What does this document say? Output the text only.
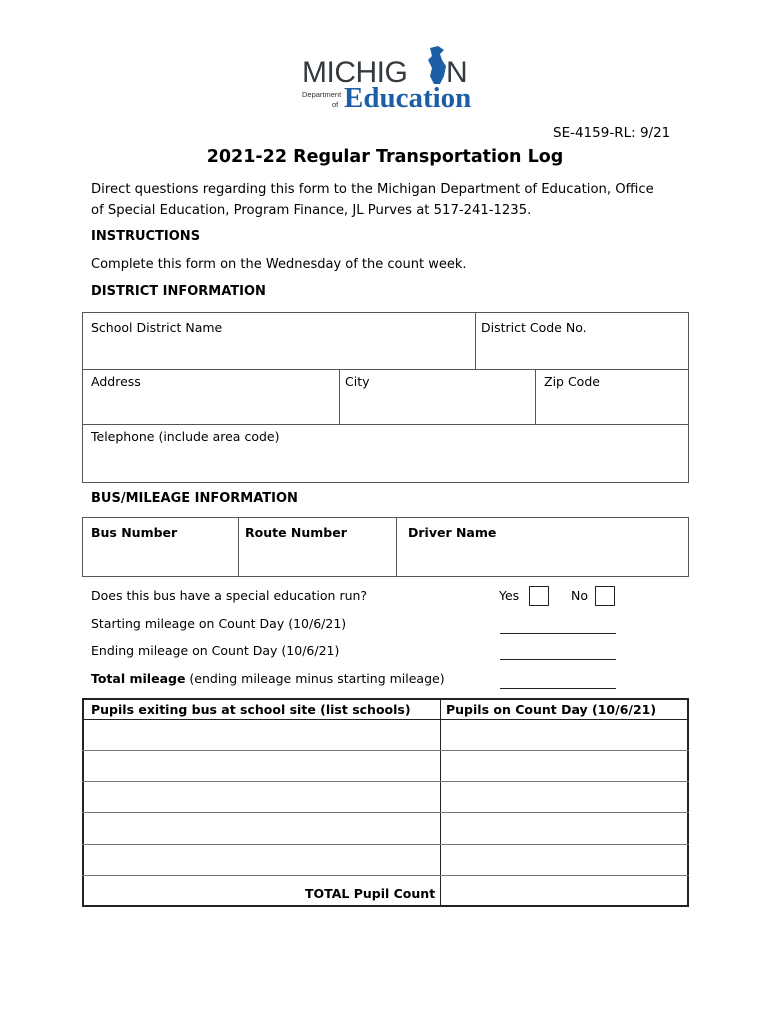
MICHIG N
Department
of Education
SE-4159-RL: 9/21
2021-22 Regular Transportation Log
Direct questions regarding this form to the Michigan Department of Education, Office
of Special Education, Program Finance, JL Purves at 517-241-1235.
INSTRUCTIONS
Complete this form on the Wednesday of the count week.
DISTRICT INFORMATION
School District Name	District Code No.
Address	City	Zip Code
Telephone (include area code)
BUS/MILEAGE INFORMATION
Bus Number	Route Number	Driver Name
Does this bus have a special education run?	Yes	No
Starting mileage on Count Day (10/6/21)
Ending mileage on Count Day (10/6/21)
Total mileage (ending mileage minus starting mileage)
Pupils exiting bus at school site (list schools)	Pupils on Count Day (10/6/21)
TOTAL Pupil Count
